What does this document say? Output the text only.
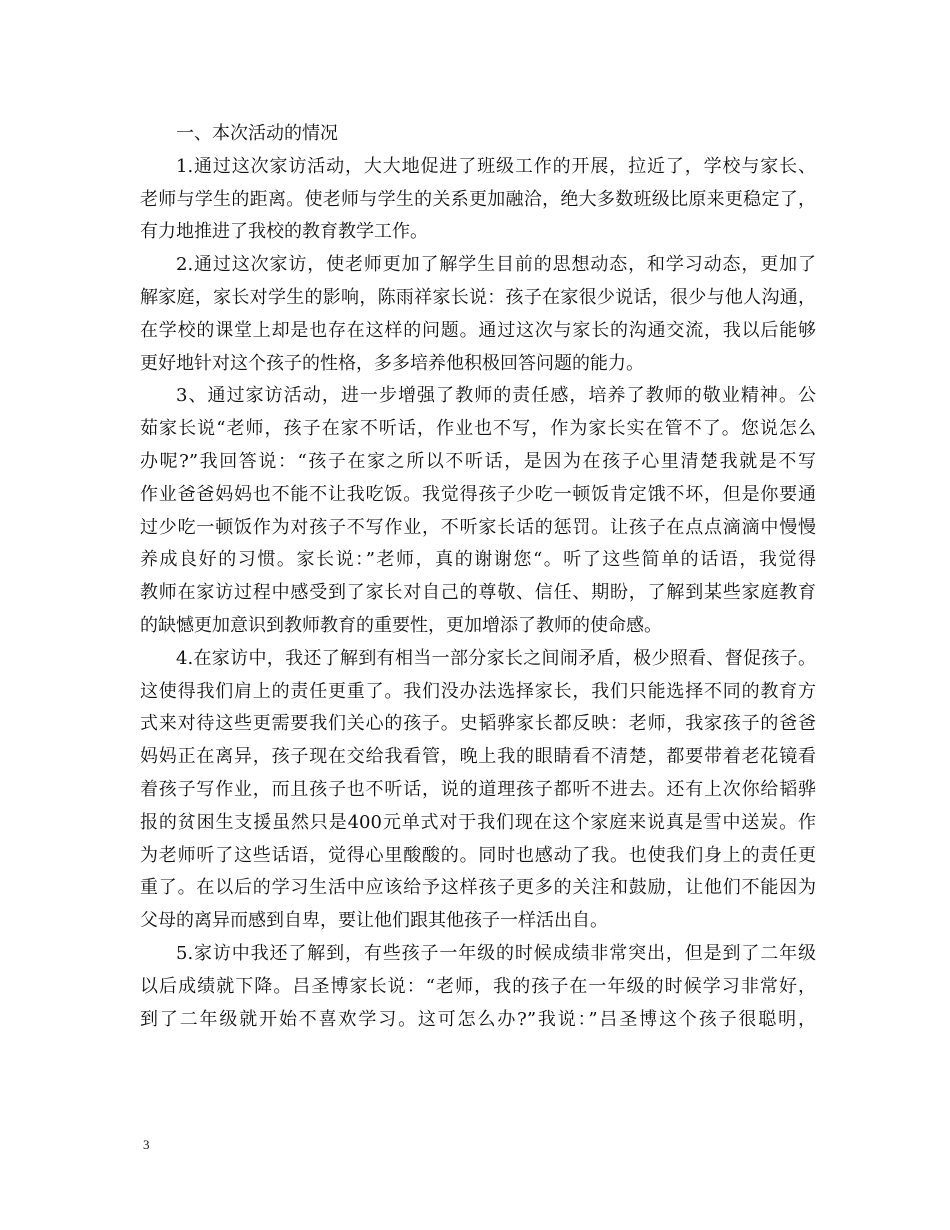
一、本次活动的情况
1.通过这次家访活动，大大地促进了班级工作的开展，拉近了，学校与家长、
老师与学生的距离。使老师与学生的关系更加融洽，绝大多数班级比原来更稳定了，
有力地推进了我校的教育教学工作。
2.通过这次家访，使老师更加了解学生目前的思想动态，和学习动态，更加了
解家庭，家长对学生的影响，陈雨祥家长说：孩子在家很少说话，很少与他人沟通，
在学校的课堂上却是也存在这样的问题。通过这次与家长的沟通交流，我以后能够
更好地针对这个孩子的性格，多多培养他积极回答问题的能力。
3、通过家访活动，进一步增强了教师的责任感，培养了教师的敬业精神。公
茹家长说“老师，孩子在家不听话，作业也不写，作为家长实在管不了。您说怎么
办呢?”我回答说：“孩子在家之所以不听话，是因为在孩子心里清楚我就是不写
作业爸爸妈妈也不能不让我吃饭。我觉得孩子少吃一顿饭肯定饿不坏，但是你要通
过少吃一顿饭作为对孩子不写作业，不听家长话的惩罚。让孩子在点点滴滴中慢慢
养成良好的习惯。家长说：”老师，真的谢谢您“。听了这些简单的话语，我觉得
教师在家访过程中感受到了家长对自己的尊敬、信任、期盼，了解到某些家庭教育
的缺憾更加意识到教师教育的重要性，更加增添了教师的使命感。
4.在家访中，我还了解到有相当一部分家长之间闹矛盾，极少照看、督促孩子。
这使得我们肩上的责任更重了。我们没办法选择家长，我们只能选择不同的教育方
式来对待这些更需要我们关心的孩子。史韬骅家长都反映：老师，我家孩子的爸爸
妈妈正在离异，孩子现在交给我看管，晚上我的眼睛看不清楚，都要带着老花镜看
着孩子写作业，而且孩子也不听话，说的道理孩子都听不进去。还有上次你给韬骅
报的贫困生支援虽然只是400元单式对于我们现在这个家庭来说真是雪中送炭。作
为老师听了这些话语，觉得心里酸酸的。同时也感动了我。也使我们身上的责任更
重了。在以后的学习生活中应该给予这样孩子更多的关注和鼓励，让他们不能因为
父母的离异而感到自卑，要让他们跟其他孩子一样活出自。
5.家访中我还了解到，有些孩子一年级的时候成绩非常突出，但是到了二年级
以后成绩就下降。吕圣博家长说：“老师，我的孩子在一年级的时候学习非常好，
到了二年级就开始不喜欢学习。这可怎么办?”我说：”吕圣博这个孩子很聪明，
3
